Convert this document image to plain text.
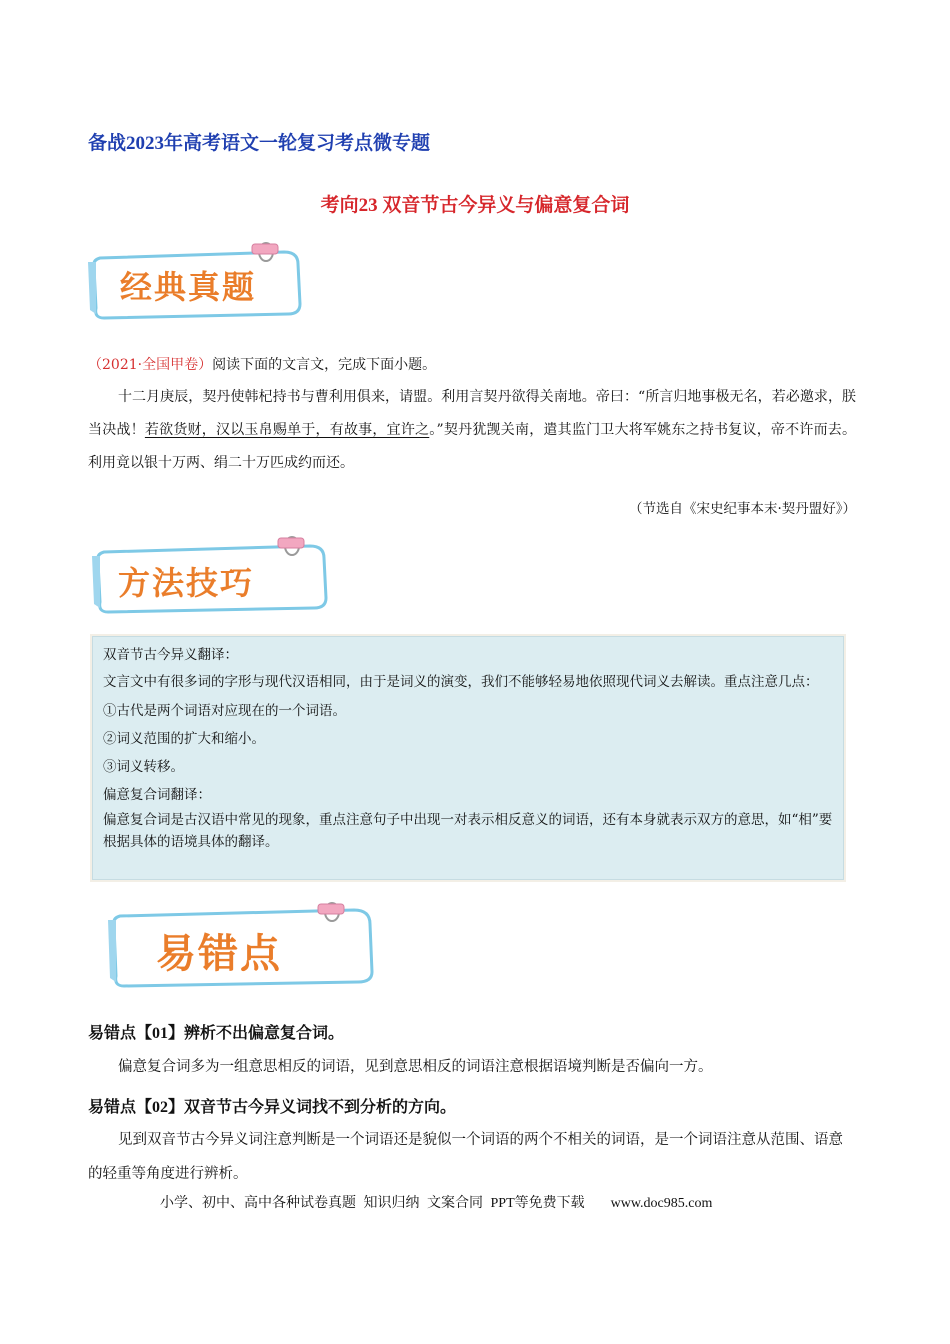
备战2023年高考语文一轮复习考点微专题
考向23 双音节古今异义与偏意复合词
经典真题
（2021·全国甲卷）阅读下面的文言文，完成下面小题。
十二月庚辰，契丹使韩杞持书与曹利用俱来，请盟。利用言契丹欲得关南地。帝曰：“所言归地事极无名，若必邀求，朕当决战！若欲货财，汉以玉帛赐单于，有故事，宜许之。”契丹犹觊关南，遣其监门卫大将军姚东之持书复议，帝不许而去。利用竟以银十万两、绢二十万匹成约而还。
（节选自《宋史纪事本末·契丹盟好》）
方法技巧
双音节古今异义翻译：
文言文中有很多词的字形与现代汉语相同，由于是词义的演变，我们不能够轻易地依照现代词义去解读。重点注意几点：
①古代是两个词语对应现在的一个词语。
②词义范围的扩大和缩小。
③词义转移。
偏意复合词翻译：
偏意复合词是古汉语中常见的现象，重点注意句子中出现一对表示相反意义的词语，还有本身就表示双方的意思，如“相”要根据具体的语境具体的翻译。
易错点
易错点【01】辨析不出偏意复合词。
偏意复合词多为一组意思相反的词语，见到意思相反的词语注意根据语境判断是否偏向一方。
易错点【02】双音节古今异义词找不到分析的方向。
见到双音节古今异义词注意判断是一个词语还是貌似一个词语的两个不相关的词语，是一个词语注意从范围、语意的轻重等角度进行辨析。
小学、初中、高中各种试卷真题 知识归纳 文案合同 PPT等免费下载 www.doc985.com
